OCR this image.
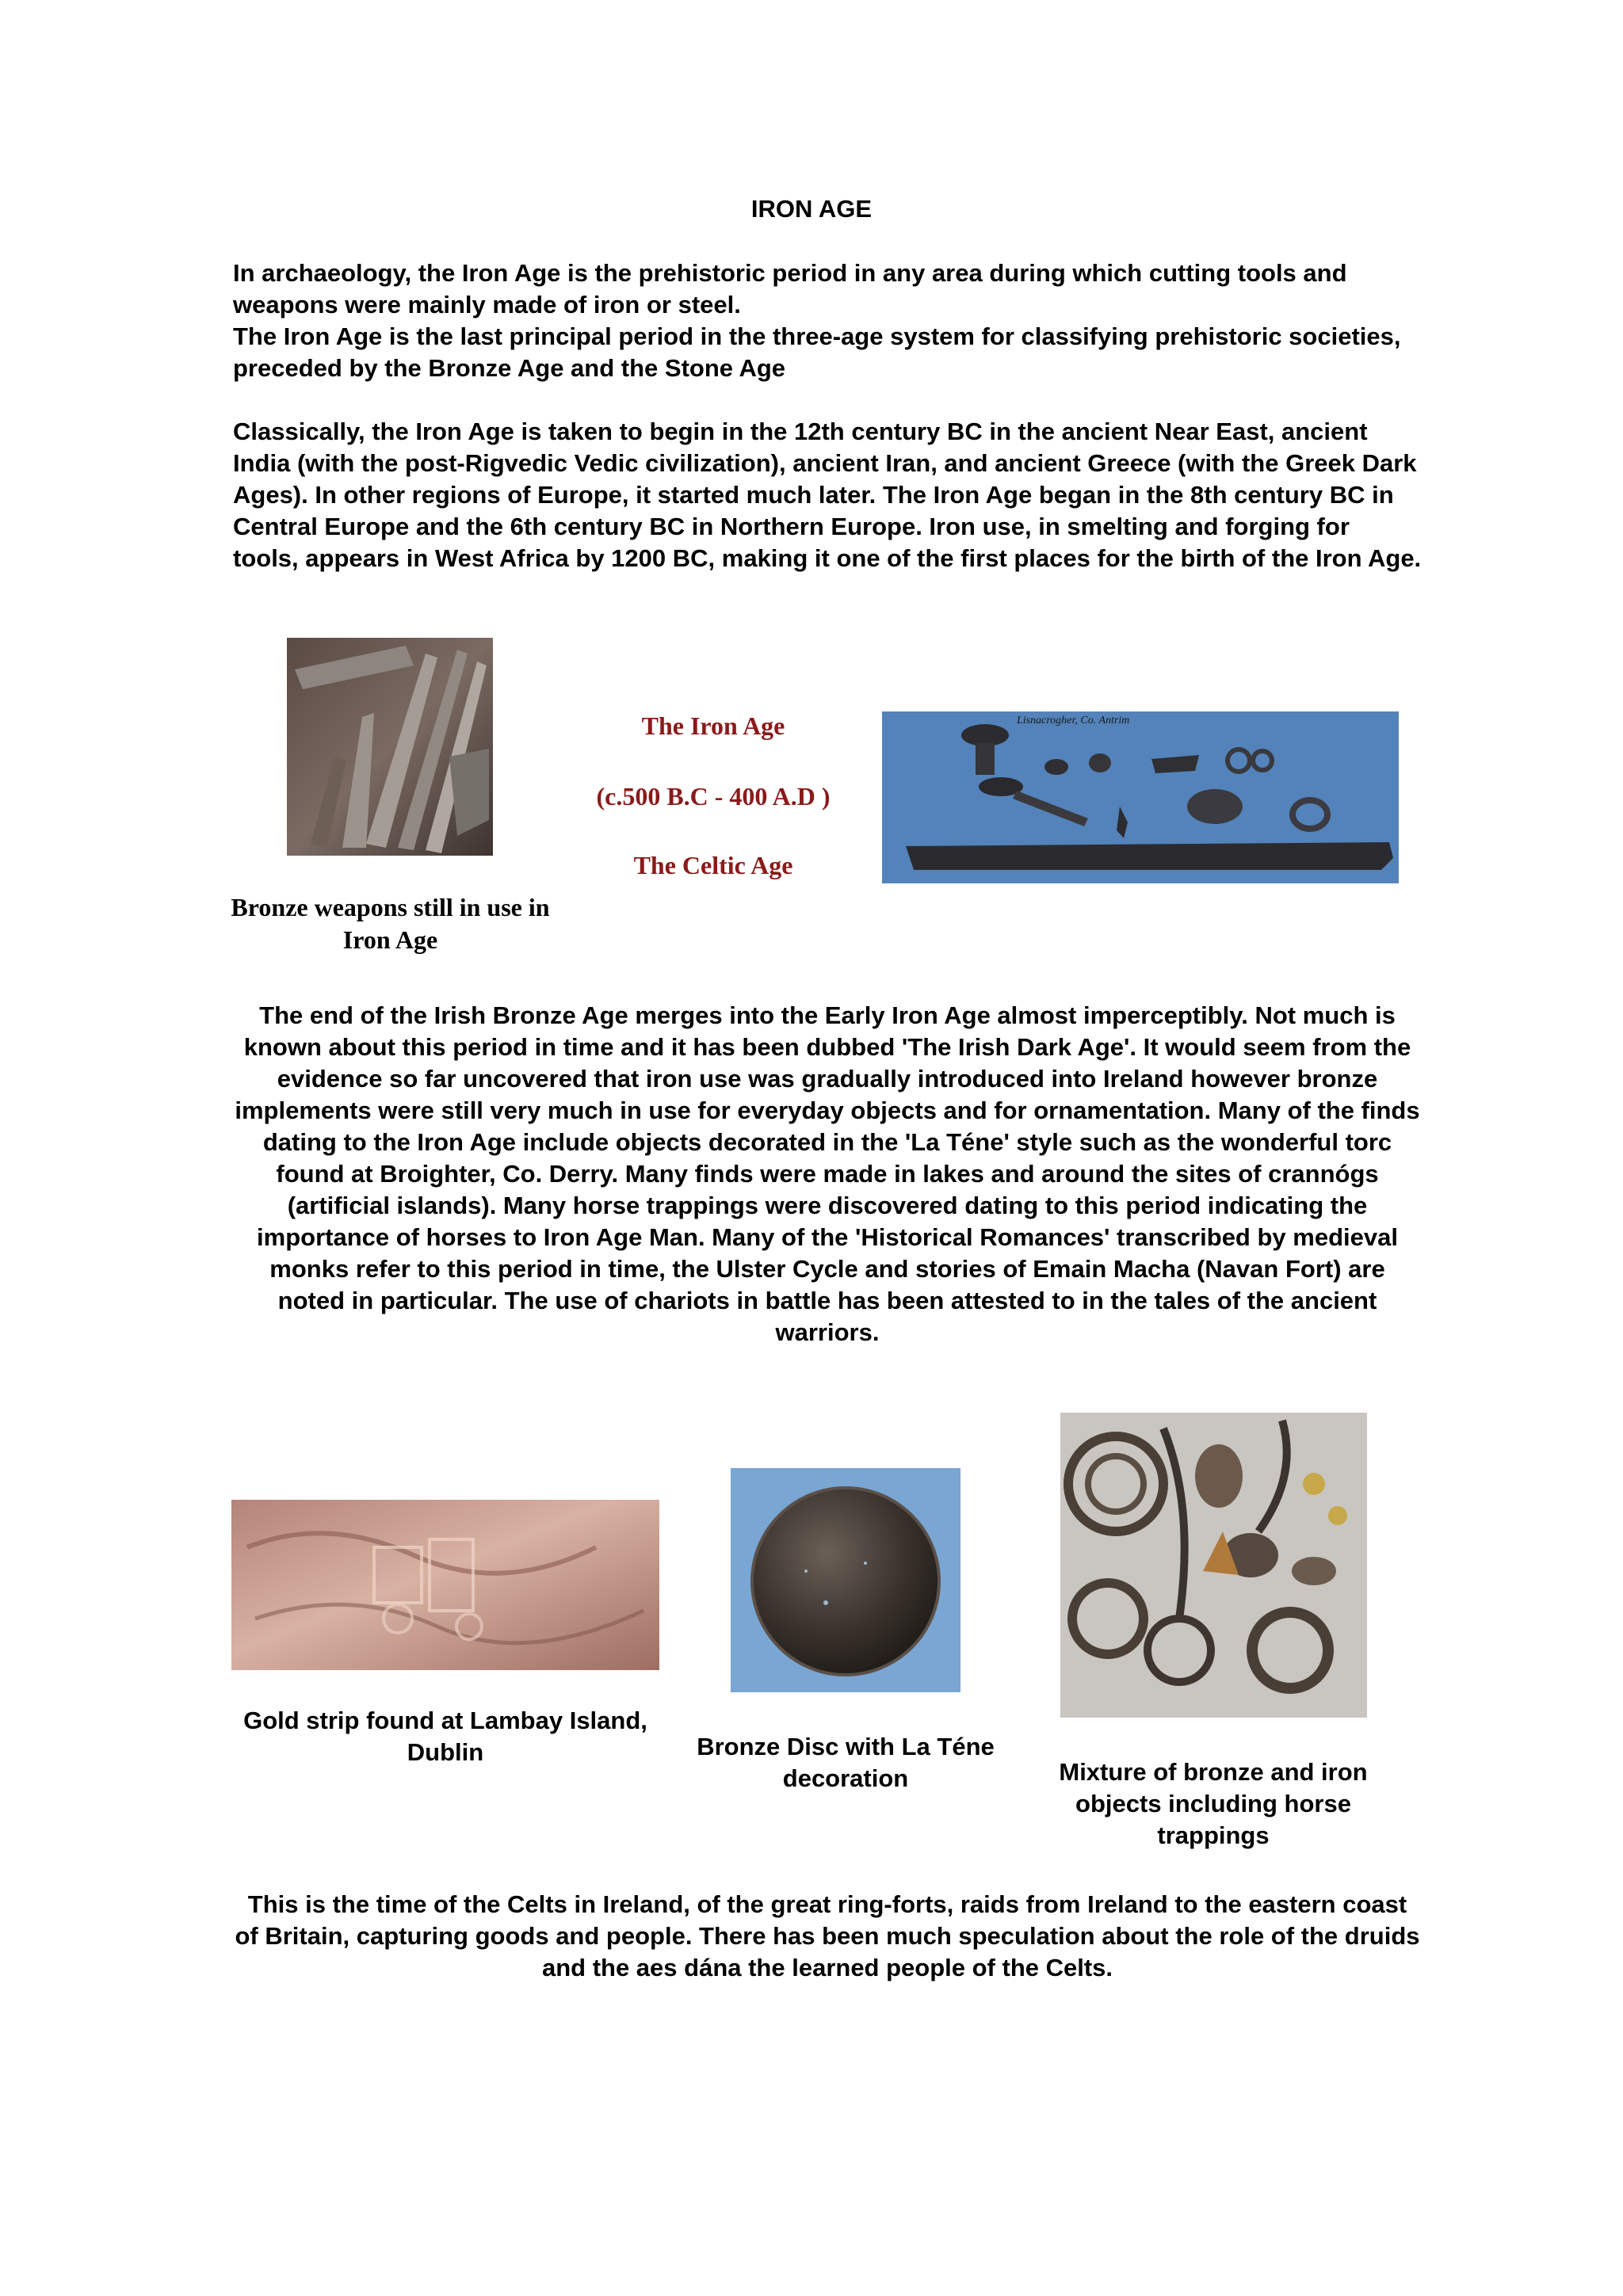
IRON AGE

In archaeology, the Iron Age is the prehistoric period in any area during which cutting tools and weapons were mainly made of iron or steel.

The Iron Age is the last principal period in the three-age system for classifying prehistoric societies, preceded by the Bronze Age and the Stone Age

Classically, the Iron Age is taken to begin in the 12th century BC in the ancient Near East, ancient India (with the post-Rigvedic Vedic civilization), ancient Iran, and ancient Greece (with the Greek Dark Ages). In other regions of Europe, it started much later. The Iron Age began in the 8th century BC in Central Europe and the 6th century BC in Northern Europe. Iron use, in smelting and forging for tools, appears in West Africa by 1200 BC, making it one of the first places for the birth of the Iron Age.

Bronze weapons still in use in Iron Age
The Iron Age
(c.500 B.C - 400 A.D )
The Celtic Age
Lisnacrogher, Co. Antrim

The end of the Irish Bronze Age merges into the Early Iron Age almost imperceptibly. Not much is known about this period in time and it has been dubbed 'The Irish Dark Age'. It would seem from the evidence so far uncovered that iron use was gradually introduced into Ireland however bronze implements were still very much in use for everyday objects and for ornamentation. Many of the finds dating to the Iron Age include objects decorated in the 'La Téne' style such as the wonderful torc found at Broighter, Co. Derry. Many finds were made in lakes and around the sites of crannógs (artificial islands). Many horse trappings were discovered dating to this period indicating the importance of horses to Iron Age Man. Many of the 'Historical Romances' transcribed by medieval monks refer to this period in time, the Ulster Cycle and stories of Emain Macha (Navan Fort) are noted in particular. The use of chariots in battle has been attested to in the tales of the ancient warriors.

Gold strip found at Lambay Island, Dublin	Bronze Disc with La Téne decoration	Mixture of bronze and iron objects including horse trappings

This is the time of the Celts in Ireland, of the great ring-forts, raids from Ireland to the eastern coast of Britain, capturing goods and people. There has been much speculation about the role of the druids and the aes dána the learned people of the Celts.
